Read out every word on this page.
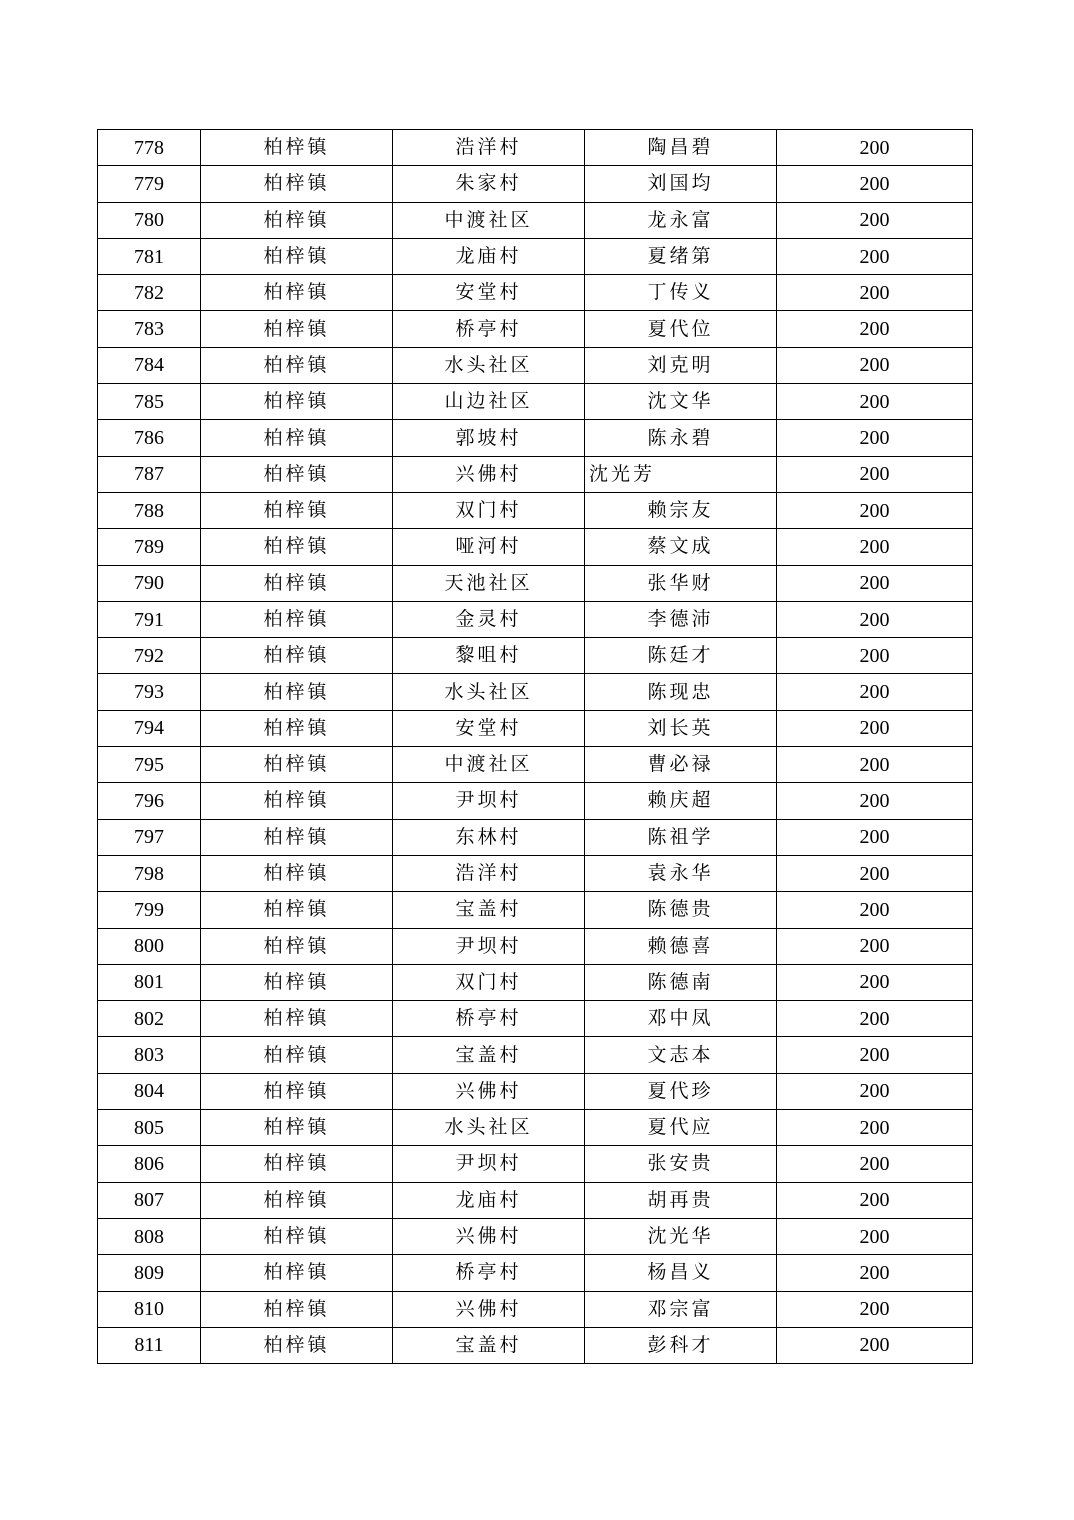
778	柏梓镇	浩洋村	陶昌碧	200
779	柏梓镇	朱家村	刘国均	200
780	柏梓镇	中渡社区	龙永富	200
781	柏梓镇	龙庙村	夏绪第	200
782	柏梓镇	安堂村	丁传义	200
783	柏梓镇	桥亭村	夏代位	200
784	柏梓镇	水头社区	刘克明	200
785	柏梓镇	山边社区	沈文华	200
786	柏梓镇	郭坡村	陈永碧	200
787	柏梓镇	兴佛村	沈光芳	200
788	柏梓镇	双门村	赖宗友	200
789	柏梓镇	哑河村	蔡文成	200
790	柏梓镇	天池社区	张华财	200
791	柏梓镇	金灵村	李德沛	200
792	柏梓镇	黎咀村	陈廷才	200
793	柏梓镇	水头社区	陈现忠	200
794	柏梓镇	安堂村	刘长英	200
795	柏梓镇	中渡社区	曹必禄	200
796	柏梓镇	尹坝村	赖庆超	200
797	柏梓镇	东林村	陈祖学	200
798	柏梓镇	浩洋村	袁永华	200
799	柏梓镇	宝盖村	陈德贵	200
800	柏梓镇	尹坝村	赖德喜	200
801	柏梓镇	双门村	陈德南	200
802	柏梓镇	桥亭村	邓中凤	200
803	柏梓镇	宝盖村	文志本	200
804	柏梓镇	兴佛村	夏代珍	200
805	柏梓镇	水头社区	夏代应	200
806	柏梓镇	尹坝村	张安贵	200
807	柏梓镇	龙庙村	胡再贵	200
808	柏梓镇	兴佛村	沈光华	200
809	柏梓镇	桥亭村	杨昌义	200
810	柏梓镇	兴佛村	邓宗富	200
811	柏梓镇	宝盖村	彭科才	200
